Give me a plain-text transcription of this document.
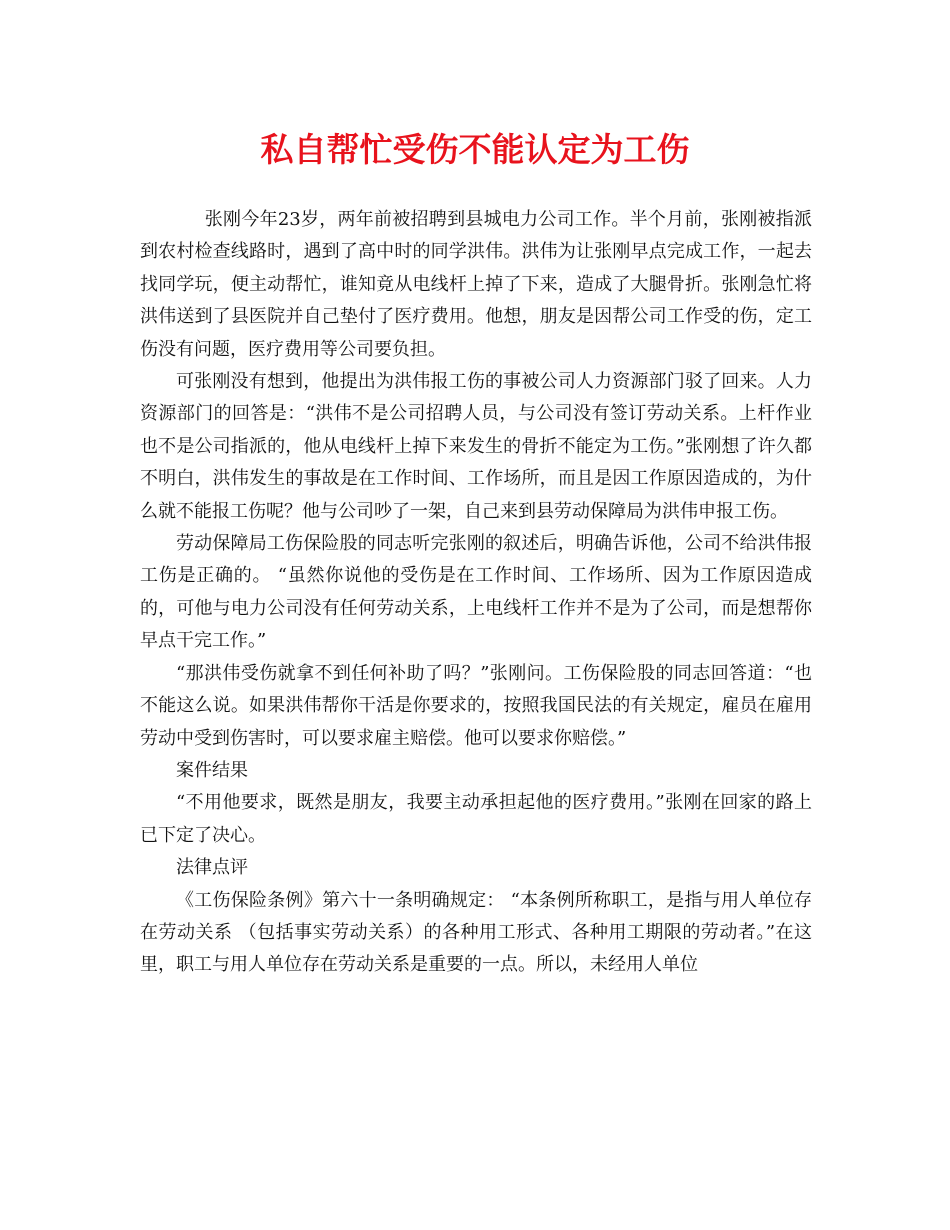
私自帮忙受伤不能认定为工伤

张刚今年23岁，两年前被招聘到县城电力公司工作。半个月前，张刚被指派到农村检查线路时，遇到了高中时的同学洪伟。洪伟为让张刚早点完成工作，一起去找同学玩，便主动帮忙，谁知竟从电线杆上掉了下来，造成了大腿骨折。张刚急忙将洪伟送到了县医院并自己垫付了医疗费用。他想，朋友是因帮公司工作受的伤，定工伤没有问题，医疗费用等公司要负担。

可张刚没有想到，他提出为洪伟报工伤的事被公司人力资源部门驳了回来。人力资源部门的回答是：“洪伟不是公司招聘人员，与公司没有签订劳动关系。上杆作业也不是公司指派的，他从电线杆上掉下来发生的骨折不能定为工伤。”张刚想了许久都不明白，洪伟发生的事故是在工作时间、工作场所，而且是因工作原因造成的，为什么就不能报工伤呢？他与公司吵了一架，自己来到县劳动保障局为洪伟申报工伤。

劳动保障局工伤保险股的同志听完张刚的叙述后，明确告诉他，公司不给洪伟报工伤是正确的。 “虽然你说他的受伤是在工作时间、工作场所、因为工作原因造成的，可他与电力公司没有任何劳动关系，上电线杆工作并不是为了公司，而是想帮你早点干完工作。”

“那洪伟受伤就拿不到任何补助了吗？”张刚问。工伤保险股的同志回答道：“也不能这么说。如果洪伟帮你干活是你要求的，按照我国民法的有关规定，雇员在雇用劳动中受到伤害时，可以要求雇主赔偿。他可以要求你赔偿。”

案件结果

“不用他要求，既然是朋友，我要主动承担起他的医疗费用。”张刚在回家的路上已下定了决心。

法律点评

《工伤保险条例》第六十一条明确规定： “本条例所称职工，是指与用人单位存在劳动关系 （包括事实劳动关系）的各种用工形式、各种用工期限的劳动者。”在这里，职工与用人单位存在劳动关系是重要的一点。所以，未经用人单位
